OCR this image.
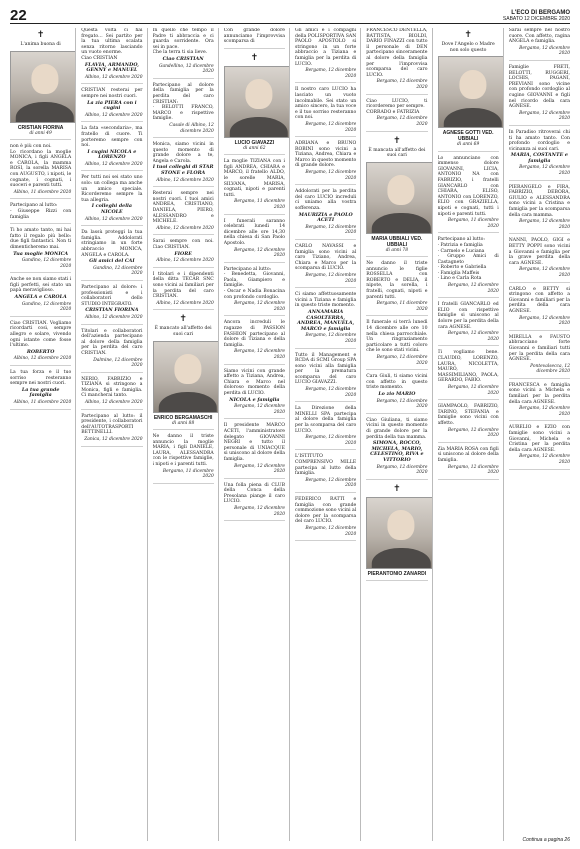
22	L'ECO DI BERGAMO
SABATO 12 DICEMBRE 2020
✝

L'anima buona di

CRISTIAN FIORINA
di anni 49

non è più con noi.

Lo ricordano la moglie MONICA, i figli ANGELA e CAROLA, la mamma ROSI, la sorella MARISA con AUGUSTO, i nipoti, le cognate, i cognati, i suoceri e parenti tutti.

Albino, 11 dicembre 2020

Partecipano al lutto:

- Giuseppe Rizzi con famiglia

Ti ho amato tanto, mi hai fatto il regalo più bello: due figli fantastici. Non ti dimenticheremo mai.

Tua moglie MONICA

Gandino, 12 dicembre 2020

Anche se non siamo stati i figli perfetti, sei stato un papà meraviglioso.

ANGELA e CAROLA

Gandino, 12 dicembre 2020

Ciao CRISTIAN. Vogliamo ricordarti così, sempre allegro e solare, vivendo ogni istante come fosse l'ultimo.

ROBERTO

Albino, 12 dicembre 2020

La tua forza e il tuo sorriso resteranno sempre nei nostri cuori.

La tua grande famiglia

Albino, 11 dicembre 2020

Questa volta ci hai fregato… Sei partito per la tua ultima scalata senza ritorno lasciando un vuoto enorme.

Ciao CRISTIAN

FLAVIA, ARMANDO, GENNY e MANUEL

Albino, 12 dicembre 2020

CRISTIAN resterai per sempre nei nostri cuori.

La zia PIERA con i cugini

Albino, 12 dicembre 2020

La fata «secondaria», ma fratello di cuore. Ti porteremo sempre con noi.

I cugini NICOLA e LORENZO

Albino, 12 dicembre 2020

Per tutti noi sei stato uno solo: un collega ma anche un amico speciale. Ricorderemo sempre la tua allegria.

I colleghi della NICOLE

Albino, 12 dicembre 2020

Da lassù proteggi la tua famiglia. Addolorati stringiamo in un forte abbraccio MONICA, ANGELA e CAROLA.

Gli amici del CAI

Gandino, 12 dicembre 2020

Partecipano al dolore: i professionisti e i collaboratori dello STUDIO INTEGRATO.

CRISTIAN FIORINA

Albino, 12 dicembre 2020

Titolari e collaboratori dell'azienda partecipano al dolore della famiglia per la perdita del caro CRISTIAN.

Dalmine, 12 dicembre 2020

NERIO, FABRIZIO e TIZIANA si stringono a Monica, figli e famiglia. Ci mancherai tanto.

Albino, 12 dicembre 2020

Partecipano al lutto: il presidente, i collaboratori dell'AUTOTRASPORTI BETTINELLI.

Zanica, 12 dicembre 2020

In quello che tempo il Padre ti abbraccia e ci guarda sorridente. Ora sei in pace.

Che la terra ti sia lieve.

Ciao CRISTIAN

Gandellino, 12 dicembre 2020

Partecipano al dolore della famiglia per la perdita del caro CRISTIAN:

- BELOTTI FRANCO, MARCO e rispettive famiglie.

Casale di Albino, 12 dicembre 2020

Monica, siamo vicini in questo momento di grande dolore a te, Angela e Carola.

I tuoi colleghi di STAR STONE e FLORA

Albino, 12 dicembre 2020

Resterai sempre nei nostri cuori. I tuoi amici ANDREA, CRISTIANO, DANIELA, PIERO, ALESSANDRO e MICHELE.

Albino, 12 dicembre 2020

Sarai sempre con noi. Ciao CRISTIAN.

FIORE

Albino, 12 dicembre 2020

I titolari e i dipendenti della ditta TECAR SNC sono vicini ai familiari per la perdita del caro CRISTIAN.

Albino, 12 dicembre 2020

✝

È mancato all'affetto dei suoi cari

ENRICO BERGAMASCHI
di anni 88

Ne danno il triste annuncio la moglie MARIA, i figli DANIELE, LAURA, ALESSANDRA con le rispettive famiglie, i nipoti e i parenti tutti.

Bergamo, 11 dicembre 2020

Con grande dolore annunciamo l'improvvisa scomparsa di

✝
LUCIO GIAVAZZI
di anni 62

La moglie TIZIANA con i figli ANDREA, CHIARA e MARCO, il fratello ALDO, le sorelle MARIA, SILVANA, MARISA, cognati, nipoti e parenti tutti.

Bergamo, 11 dicembre 2020

I funerali saranno celebrati lunedì 14 dicembre alle ore 14,30 nella chiesa di San Paolo Apostolo.

Bergamo, 12 dicembre 2020

Partecipano al lutto:

- Benedetta, Giovanni, Paola, Giampiero e famiglie.

- Oscar e Nadia Bonacina con profondo cordoglio.

Bergamo, 12 dicembre 2020

Ancora increduli le ragazze di PASSION FASHION partecipano al dolore di Tiziana e della famiglia.

Bergamo, 12 dicembre 2020

Siamo vicini con grande affetto a Tiziana, Andrea, Chiara e Marco nel doloroso momento della perdita di LUCIO.

NICOLA e famiglia

Bergamo, 12 dicembre 2020

Il presidente MARCO ACETI, l'amministratore delegato GIOVANNI NEGRI e tutto il personale di UNIACQUE si uniscono al dolore della famiglia.

Bergamo, 12 dicembre 2020

Una folla piena di CLUB della Conca della Presolana piange il caro LUCIO.

Bergamo, 12 dicembre 2020

Gli amici e i compagni della POLISPORTIVA SAN PAOLO APOSTOLO si stringono in un forte abbraccio a Tiziana e famiglia per la perdita di LUCIO.

Bergamo, 12 dicembre 2020

Il nostro caro LUCIO ha lasciato un vuoto incolmabile. Sei stato un amico sincero, la tua voce e il tuo sorriso resteranno con noi.

Bergamo, 12 dicembre 2020

ADRIANA e BRUNO ROBINI sono vicini a Tiziana, Andrea, Chiara e Marco in questo momento di grande dolore.

Bergamo, 12 dicembre 2020

Addolorati per la perdita del caro LUCIO increduli ci uniamo alla vostra sofferenza.

MAURIZIA e PAOLO ACETI

Bergamo, 12 dicembre 2020

CARLO NAVASSI e famiglia sono vicini al caro Tiziano, Andrea, Chiara e Marco per la scomparsa di LUCIO.

Bergamo, 12 dicembre 2020

Ci siamo affettuosamente vicini a Tiziana e famiglia in questo triste momento.

ANNAMARIA CASOLTERRA, ANDREA, MANUELA, MARCO e famiglia

Bergamo, 12 dicembre 2020

Tutto il Management e RCDA di SCMI Group SPA sono vicini alla famiglia per la prematura scomparsa del caro LUCIO GIAVAZZI.

Bergamo, 12 dicembre 2020

La Direzione della MINELLI SPA partecipa al dolore della famiglia per la scomparsa del caro LUCIO.

Bergamo, 12 dicembre 2020

L'ISTITUTO COMPRENSIVO MILLE partecipa al lutto della famiglia.

Bergamo, 12 dicembre 2020

FEDERICO RATTI e famiglia con grande commozione sono vicini al dolore per la scomparsa del caro LUCIO.

Bergamo, 12 dicembre 2020

FRANCESCO DENTELLA, BATTISTA, BIOLDI, DARIO FINAZZI con tutto il personale di DEN partecipano sinceramente al dolore della famiglia per l'improvvisa scomparsa del caro LUCIO.

Bergamo, 12 dicembre 2020

Ciao LUCIO, ti ricorderemo per sempre.

CORRADO e FATRIZIA

Bergamo, 12 dicembre 2020

✝

È mancata all'affetto dei suoi cari

MARIA UBBIALI VED. UBBIALI
di anni 78

Ne danno il triste annuncio le figlie ROSSELLA con ROBERTO e DELIA, il nipote, la sorella, i fratelli, cognati, nipoti e parenti tutti.

Bergamo, 11 dicembre 2020

Il funerale si terrà lunedì 14 dicembre alle ore 10 nella chiesa parrocchiale. Un ringraziamento particolare a tutti coloro che le sono stati vicini.

Bergamo, 12 dicembre 2020

Cara Giuli, ti siamo vicini con affetto in questo triste momento.

Lo zio MARIO

Bergamo, 12 dicembre 2020

Ciao Giuliana, ti siamo vicini in questo momento di grande dolore per la perdita della tua mamma.

SIMONA, ROCCO, MICHELA, MARIO, CELESTINO, RIVA e VITTORIO

Bergamo, 12 dicembre 2020

✝
PIERANTONIO ZANARDI
✝

Dove l'Angelo o Madre non solo questo

AGNESE GOTTI VED. UBBIALI
di anni 69

Lo annunciano con immenso dolore GIOVANNI, LICIA, ANTONIO NA con FABRIZIO, i fratelli GIANCARLO con CHIARA, ELISO, ANTONIO con LORENZO, ELIO con GRAZIELLA, nipoti e cognati, tutti i nipoti e parenti tutti.

Bergamo, 11 dicembre 2020

Partecipano al lutto:

- Patrizia e famiglia

- Carmelo e Luciana

- Gruppo Amici di Castagneto

- Roberto e Gabriella

- Famiglia Maffeis

- Lino e Carla Rota

Bergamo, 12 dicembre 2020

I fratelli GIANCARLO ed ELIO con rispettive famiglie si uniscono al dolore per la perdita della cara AGNESE.

Bergamo, 12 dicembre 2020

Ti vogliamo bene. CLAUDIO, LORENZO, LAURA, NICOLETTA, MAURO, MASSIMILIANO, PAOLA, GERARDO, FABIO.

Bergamo, 12 dicembre 2020

GIAMPAOLO, FABRIZIO, TARINO, STEFANIA e famiglie sono vicini con affetto.

Bergamo, 12 dicembre 2020

Zia MARIA ROSA con figli si uniscono al dolore della famiglia.

Bergamo, 12 dicembre 2020

Sarai sempre nel nostro cuore. Con affetto, ragina ANGELA e famiglia.

Bergamo, 12 dicembre 2020

Famiglie FRETI, BELOTTI, RUGGERI, LOCHIS, PAGANI, PREVIANI sono vicine con profondo cordoglio al cugino GIOVANNI e figli nel ricordo della cara AGNESE.

Bergamo, 12 dicembre 2020

In Paradiso ritroverai chi ti ha amato tanto. Con profondo cordoglio e vicinanza ai suoi cari.

MARIA, COSTANTE e famiglia

Bergamo, 12 dicembre 2020

PIERANGELO e FIRA, FABRIZIO, DEBORA, GIULIO e ALESSANDRA sono vicini a Cristina e famiglia per la scomparsa della cara mamma.

Bergamo, 12 dicembre 2020

NANNI, PAOLO, GIGI e BETTY POPPI sono vicini a Giovanni e famiglia per la grave perdita della cara AGNESE.

Bergamo, 12 dicembre 2020

CARLO e BETTY si stringono con affetto a Giovanni e familiari per la perdita della cara AGNESE.

Bergamo, 12 dicembre 2020

MIRELLA e FAUSTO abbracciano forte Giovanni e familiari tutti per la perdita della cara AGNESE.

Pontevalsecca, 12 dicembre 2020

FRANCESCA e famiglia sono vicini a Michela e familiari per la perdita della cara AGNESE.

Bergamo, 12 dicembre 2020

AURELIO e EZIO con famiglie sono vicini a Giovanni, Michela e Cristina per la perdita della cara AGNESE.

Bergamo, 12 dicembre 2020

Continua a pagina 26
